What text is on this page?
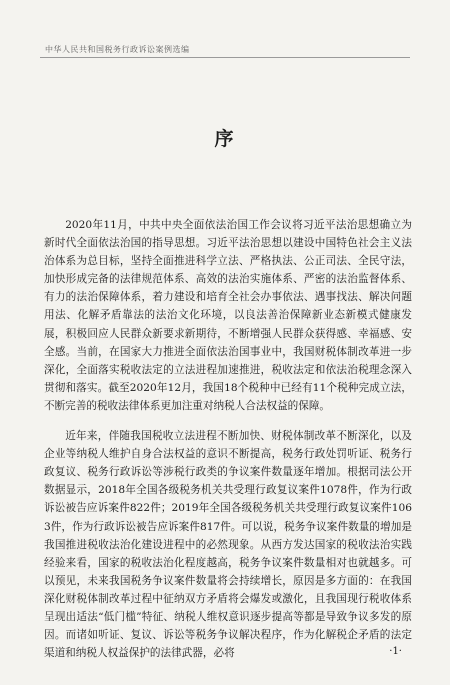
中华人民共和国税务行政诉讼案例选编
序

2020年11月，中共中央全面依法治国工作会议将习近平法治思想确立为新时代全面依法治国的指导思想。习近平法治思想以建设中国特色社会主义法治体系为总目标，坚持全面推进科学立法、严格执法、公正司法、全民守法，加快形成完备的法律规范体系、高效的法治实施体系、严密的法治监督体系、有力的法治保障体系，着力建设和培育全社会办事依法、遇事找法、解决问题用法、化解矛盾靠法的法治文化环境，以良法善治保障新业态新模式健康发展，积极回应人民群众新要求新期待，不断增强人民群众获得感、幸福感、安全感。当前，在国家大力推进全面依法治国事业中，我国财税体制改革进一步深化，全面落实税收法定的立法进程加速推进，税收法定和依法治税理念深入贯彻和落实。截至2020年12月，我国18个税种中已经有11个税种完成立法，不断完善的税收法律体系更加注重对纳税人合法权益的保障。

近年来，伴随我国税收立法进程不断加快、财税体制改革不断深化，以及企业等纳税人维护自身合法权益的意识不断提高，税务行政处罚听证、税务行政复议、税务行政诉讼等涉税行政类的争议案件数量逐年增加。根据司法公开数据显示，2018年全国各级税务机关共受理行政复议案件1078件，作为行政诉讼被告应诉案件822件；2019年全国各级税务机关共受理行政复议案件1063件，作为行政诉讼被告应诉案件817件。可以说，税务争议案件数量的增加是我国推进税收法治化建设进程中的必然现象。从西方发达国家的税收法治实践经验来看，国家的税收法治化程度越高，税务争议案件数量相对也就越多。可以预见，未来我国税务争议案件数量将会持续增长，原因是多方面的：在我国深化财税体制改革过程中征纳双方矛盾将会爆发或激化，且我国现行税收体系呈现出适法“低门槛”特征、纳税人维权意识逐步提高等都是导致争议多发的原因。而诸如听证、复议、诉讼等税务争议解决程序，作为化解税企矛盾的法定渠道和纳税人权益保护的法律武器，必将	·1·
